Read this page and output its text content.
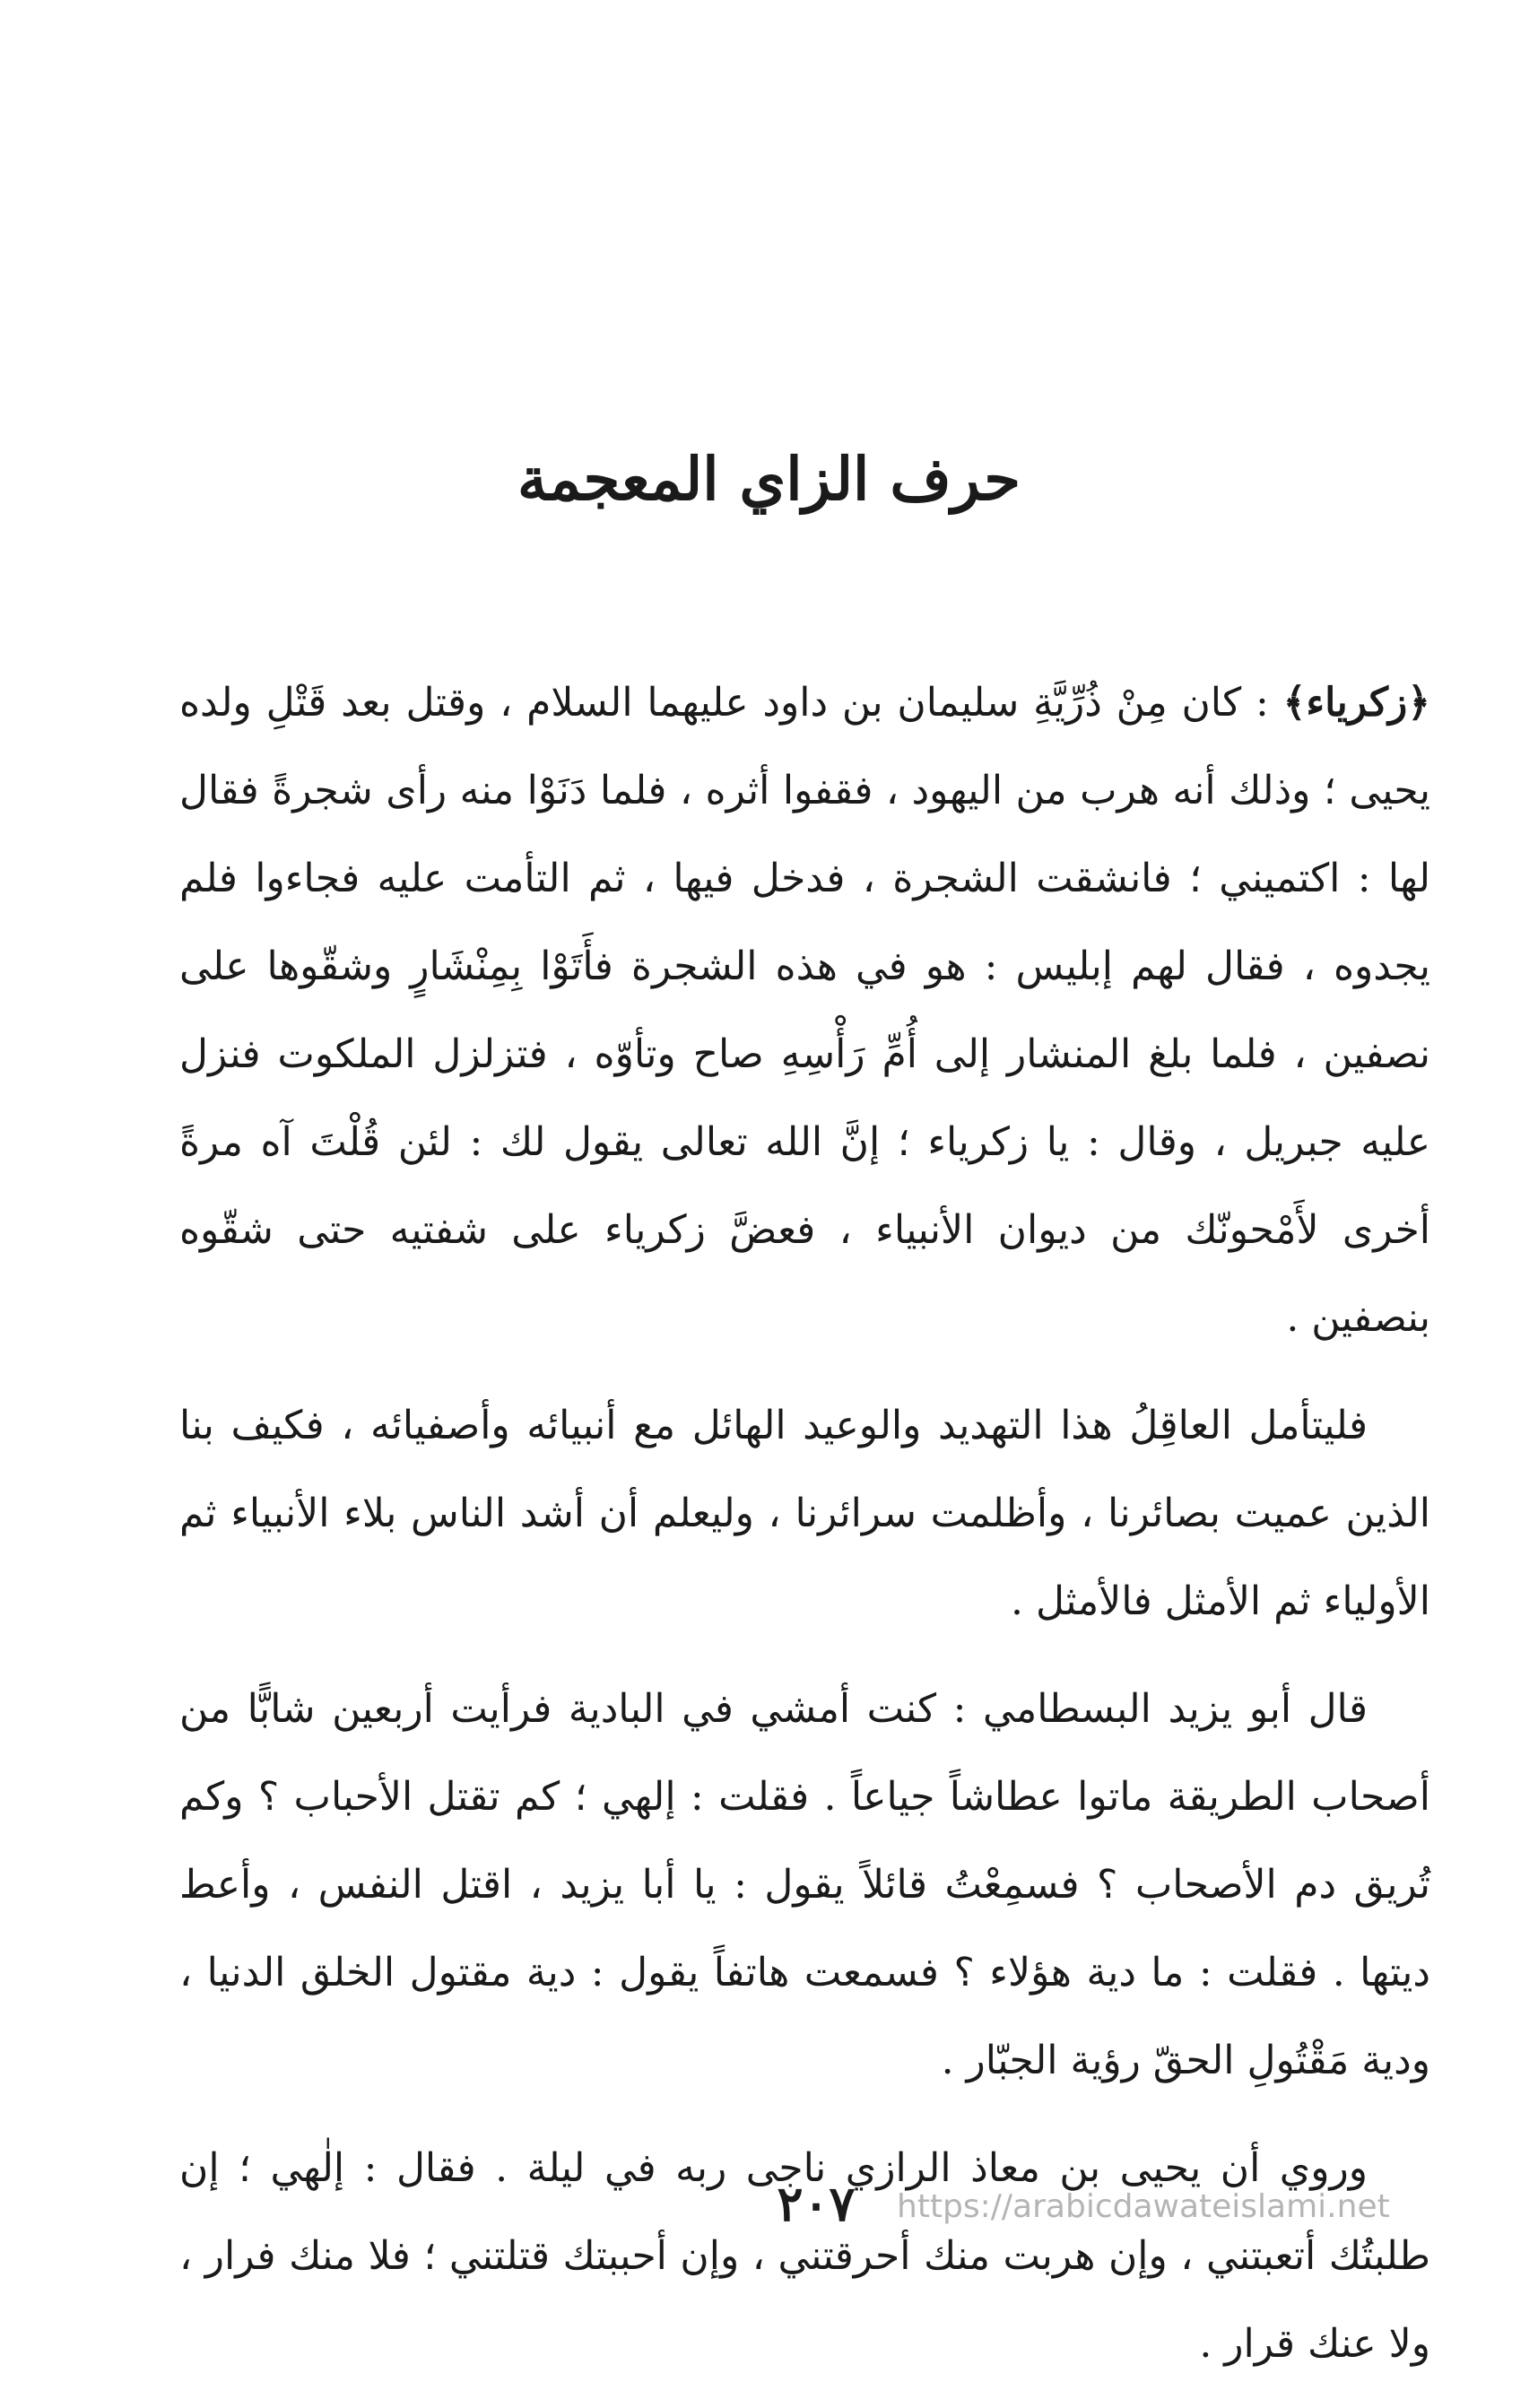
حرف الزاي المعجمة

﴿زكرياء﴾ : كان مِنْ ذُرِّيَّةِ سليمان بن داود عليهما السلام ، وقتل بعد قَتْلِ ولده يحيى ؛ وذلك أنه هرب من اليهود ، فقفوا أثره ، فلما دَنَوْا منه رأى شجرةً فقال لها : اكتميني ؛ فانشقت الشجرة ، فدخل فيها ، ثم التأمت عليه فجاءوا فلم يجدوه ، فقال لهم إبليس : هو في هذه الشجرة فأَتَوْا بِمِنْشَارٍ وشقّوها على نصفين ، فلما بلغ المنشار إلى أُمِّ رَأْسِهِ صاح وتأوّه ، فتزلزل الملكوت فنزل عليه جبريل ، وقال : يا زكرياء ؛ إنَّ الله تعالى يقول لك : لئن قُلْتَ آه مرةً أخرى لأَمْحونّك من ديوان الأنبياء ، فعضَّ زكرياء على شفتيه حتى شقّوه بنصفين .

فليتأمل العاقِلُ هذا التهديد والوعيد الهائل مع أنبيائه وأصفيائه ، فكيف بنا الذين عميت بصائرنا ، وأظلمت سرائرنا ، وليعلم أن أشد الناس بلاء الأنبياء ثم الأولياء ثم الأمثل فالأمثل .

قال أبو يزيد البسطامي : كنت أمشي في البادية فرأيت أربعين شابًّا من أصحاب الطريقة ماتوا عطاشاً جياعاً . فقلت : إلهي ؛ كم تقتل الأحباب ؟ وكم تُريق دم الأصحاب ؟ فسمِعْتُ قائلاً يقول : يا أبا يزيد ، اقتل النفس ، وأعط ديتها . فقلت : ما دية هؤلاء ؟ فسمعت هاتفاً يقول : دية مقتول الخلق الدنيا ، ودية مَقْتُولِ الحقّ رؤية الجبّار .

وروي أن يحيى بن معاذ الرازي ناجى ربه في ليلة . فقال : إلٰهي ؛ إن طلبتُك أتعبتني ، وإن هربت منك أحرقتني ، وإن أحببتك قتلتني ؛ فلا منك فرار ، ولا عنك قرار .

٢٠٧	https://arabicdawateislami.net
